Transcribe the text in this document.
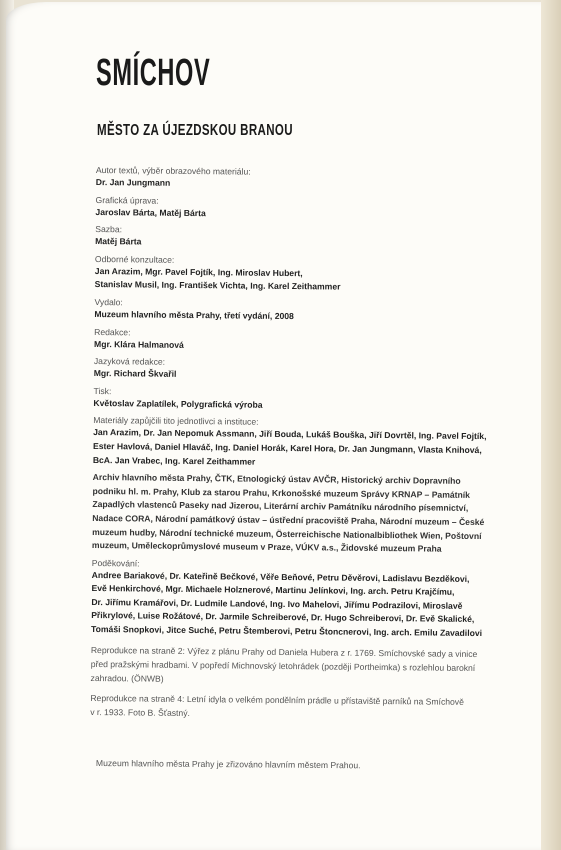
SMÍCHOV
MĚSTO ZA ÚJEZDSKOU BRANOU
Autor textů, výběr obrazového materiálu:
Dr. Jan Jungmann
Grafická úprava:
Jaroslav Bárta, Matěj Bárta
Sazba:
Matěj Bárta
Odborné konzultace:
Jan Arazim, Mgr. Pavel Fojtík, Ing. Miroslav Hubert,
Stanislav Musil, Ing. František Vichta, Ing. Karel Zeithammer
Vydalo:
Muzeum hlavního města Prahy, třetí vydání, 2008
Redakce:
Mgr. Klára Halmanová
Jazyková redakce:
Mgr. Richard Škvařil
Tisk:
Květoslav Zaplatílek, Polygrafická výroba
Materiály zapůjčili tito jednotlivci a instituce:
Jan Arazim, Dr. Jan Nepomuk Assmann, Jiří Bouda, Lukáš Bouška, Jiří Dovrtěl, Ing. Pavel Fojtík,
Ester Havlová, Daniel Hlaváč, Ing. Daniel Horák, Karel Hora, Dr. Jan Jungmann, Vlasta Knihová,
BcA. Jan Vrabec, Ing. Karel Zeithammer
Archiv hlavního města Prahy, ČTK, Etnologický ústav AVČR, Historický archiv Dopravního
podniku hl. m. Prahy, Klub za starou Prahu, Krkonošské muzeum Správy KRNAP – Památník
Zapadlých vlastenců Paseky nad Jizerou, Literární archiv Památníku národního písemnictví,
Nadace CORA, Národní památkový ústav – ústřední pracoviště Praha, Národní muzeum – České
muzeum hudby, Národní technické muzeum, Österreichische Nationalbibliothek Wien, Poštovní
muzeum, Uměleckoprůmyslové museum v Praze, VÚKV a.s., Židovské muzeum Praha
Poděkování:
Andree Bariakové, Dr. Kateřině Bečkové, Věře Beňové, Petru Děvěrovi, Ladislavu Bezděkovi,
Evě Henkirchové, Mgr. Michaele Holznerové, Martinu Jelínkovi, Ing. arch. Petru Krajčímu,
Dr. Jiřímu Kramářovi, Dr. Ludmile Landové, Ing. Ivo Mahelovi, Jiřímu Podrazilovi, Miroslavě
Přikrylové, Luise Rožátové, Dr. Jarmile Schreiberové, Dr. Hugo Schreiberovi, Dr. Evě Skalické,
Tomáši Snopkovi, Jitce Suché, Petru Štemberovi, Petru Štoncnerovi, Ing. arch. Emilu Zavadilovi
Reprodukce na straně 2: Výřez z plánu Prahy od Daniela Hubera z r. 1769. Smíchovské sady a vinice
před pražskými hradbami. V popředí Michnovský letohrádek (později Portheimka) s rozlehlou barokní
zahradou. (ÖNWB)
Reprodukce na straně 4: Letní idyla o velkém pondělním prádle u přístaviště parníků na Smíchově
v r. 1933. Foto B. Šťastný.
Muzeum hlavního města Prahy je zřizováno hlavním městem Prahou.
